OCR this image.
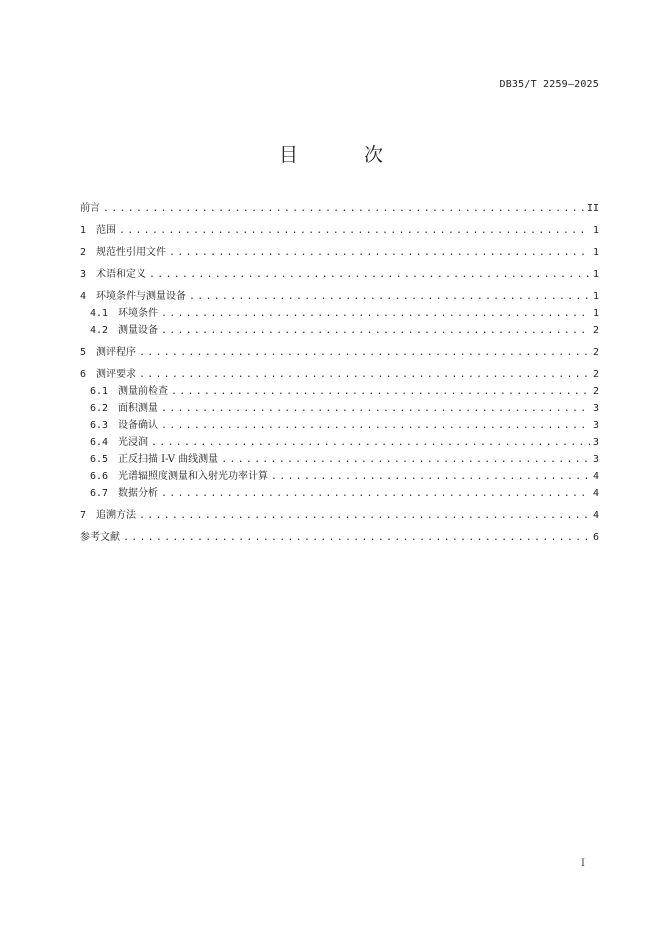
DB35/T 2259—2025
目 次
前言 .....	II
1 范围 .....	1
2 规范性引用文件 .....	1
3 术语和定义 .....	1
4 环境条件与测量设备 .....	1
4.1 环境条件 .....	1
4.2 测量设备 .....	2
5 测评程序 .....	2
6 测评要求 .....	2
6.1 测量前检查 .....	2
6.2 面积测量 .....	3
6.3 设备确认 .....	3
6.4 光浸润 .....	3
6.5 正反扫描 I-V 曲线测量 .....	3
6.6 光谱辐照度测量和入射光功率计算 .....	4
6.7 数据分析 .....	4
7 追溯方法 .....	4
参考文献 .....	6
I
